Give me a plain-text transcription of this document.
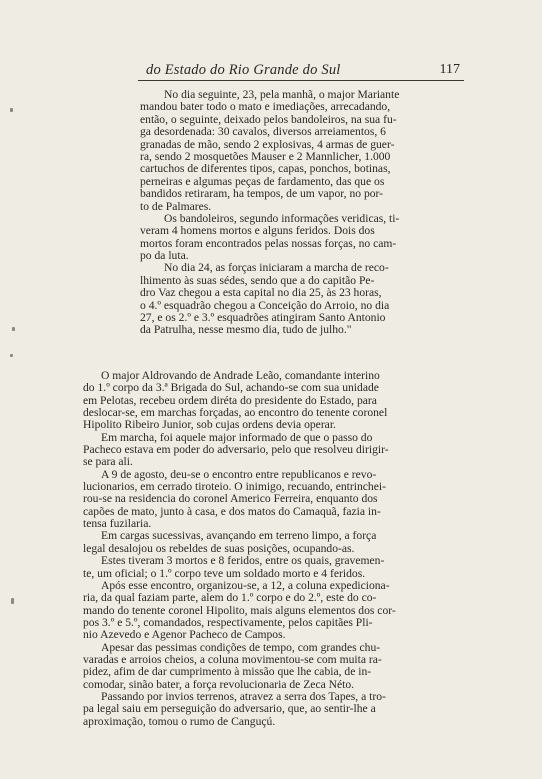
do Estado do Rio Grande do Sul	117
No dia seguinte, 23, pela manhã, o major Mariante
mandou bater todo o mato e imediações, arrecadando,
então, o seguinte, deixado pelos bandoleiros, na sua fu-
ga desordenada: 30 cavalos, diversos arreiamentos, 6
granadas de mão, sendo 2 explosivas, 4 armas de guer-
ra, sendo 2 mosquetões Mauser e 2 Mannlicher, 1.000
cartuchos de diferentes tipos, capas, ponchos, botinas,
perneiras e algumas peças de fardamento, das que os
bandidos retiraram, ha tempos, de um vapor, no por-
to de Palmares.
Os bandoleiros, segundo informações veridicas, ti-
veram 4 homens mortos e alguns feridos. Dois dos
mortos foram encontrados pelas nossas forças, no cam-
po da luta.
No dia 24, as forças iniciaram a marcha de reco-
lhimento às suas sédes, sendo que a do capitão Pe-
dro Vaz chegou a esta capital no dia 25, às 23 horas,
o 4.º esquadrão chegou a Conceição do Arroio, no dia
27, e os 2.º e 3.º esquadrões atingiram Santo Antonio
da Patrulha, nesse mesmo dia, tudo de julho."
O major Aldrovando de Andrade Leão, comandante interino
do 1.º corpo da 3.ª Brigada do Sul, achando-se com sua unidade
em Pelotas, recebeu ordem diréta do presidente do Estado, para
deslocar-se, em marchas forçadas, ao encontro do tenente coronel
Hipolito Ribeiro Junior, sob cujas ordens devia operar.
Em marcha, foi aquele major informado de que o passo do
Pacheco estava em poder do adversario, pelo que resolveu dirigir-
se para ali.
A 9 de agosto, deu-se o encontro entre republicanos e revo-
lucionarios, em cerrado tiroteio. O inimigo, recuando, entrinchei-
rou-se na residencia do coronel Americo Ferreira, enquanto dos
capões de mato, junto à casa, e dos matos do Camaquã, fazia in-
tensa fuzilaria.
Em cargas sucessivas, avançando em terreno limpo, a força
legal desalojou os rebeldes de suas posições, ocupando-as.
Estes tiveram 3 mortos e 8 feridos, entre os quais, gravemen-
te, um oficial; o 1.º corpo teve um soldado morto e 4 feridos.
Após esse encontro, organizou-se, a 12, a coluna expediciona-
ria, da qual faziam parte, alem do 1.º corpo e do 2.º, este do co-
mando do tenente coronel Hipolito, mais alguns elementos dos cor-
pos 3.º e 5.º, comandados, respectivamente, pelos capitães Pli-
nio Azevedo e Agenor Pacheco de Campos.
Apesar das pessimas condições de tempo, com grandes chu-
varadas e arroios cheios, a coluna movimentou-se com muita ra-
pidez, afim de dar cumprimento à missão que lhe cabia, de in-
comodar, sinão bater, a força revolucionaria de Zeca Néto.
Passando por invios terrenos, atravez a serra dos Tapes, a tro-
pa legal saiu em perseguição do adversario, que, ao sentir-lhe a
aproximação, tomou o rumo de Canguçú.
